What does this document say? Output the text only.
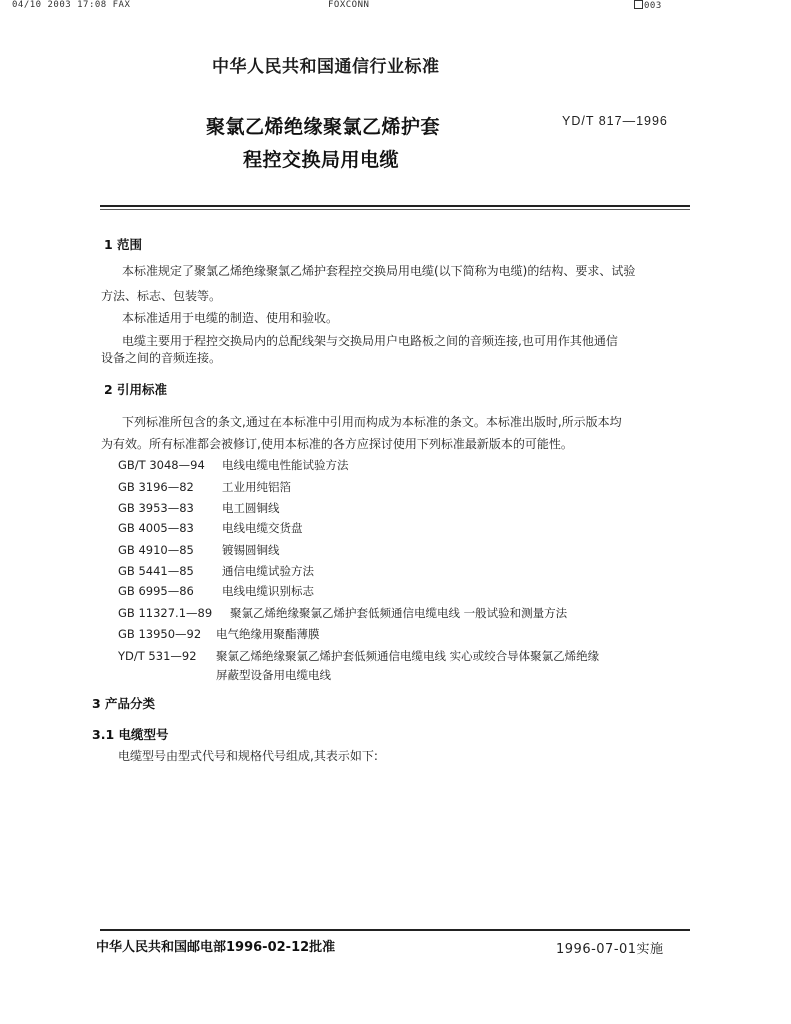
04/10 2003 17:08 FAX	FOXCONN	003
中华人民共和国通信行业标准
聚氯乙烯绝缘聚氯乙烯护套
程控交换局用电缆
YD/T 817—1996
1 范围
本标准规定了聚氯乙烯绝缘聚氯乙烯护套程控交换局用电缆(以下简称为电缆)的结构、要求、试验
方法、标志、包装等。
本标准适用于电缆的制造、使用和验收。
电缆主要用于程控交换局内的总配线架与交换局用户电路板之间的音频连接,也可用作其他通信
设备之间的音频连接。
2 引用标准
下列标准所包含的条文,通过在本标准中引用而构成为本标准的条文。本标准出版时,所示版本均
为有效。所有标准都会被修订,使用本标准的各方应探讨使用下列标准最新版本的可能性。
GB/T 3048—94 电线电缆电性能试验方法
GB 3196—82 工业用纯铝箔
GB 3953—83 电工圆铜线
GB 4005—83 电线电缆交货盘
GB 4910—85 镀锡圆铜线
GB 5441—85 通信电缆试验方法
GB 6995—86 电线电缆识别标志
GB 11327.1—89 聚氯乙烯绝缘聚氯乙烯护套低频通信电缆电线 一般试验和测量方法
GB 13950—92 电气绝缘用聚酯薄膜
YD/T 531—92 聚氯乙烯绝缘聚氯乙烯护套低频通信电缆电线 实心或绞合导体聚氯乙烯绝缘
屏蔽型设备用电缆电线
3 产品分类
3.1 电缆型号
电缆型号由型式代号和规格代号组成,其表示如下:
中华人民共和国邮电部1996-02-12批准	1996-07-01实施
